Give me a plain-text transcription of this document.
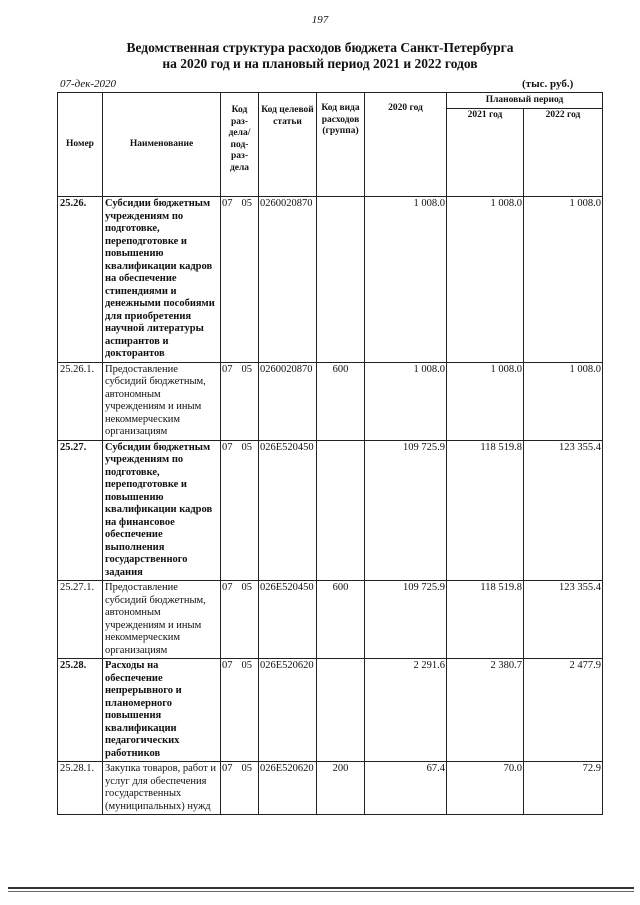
197
Ведомственная структура расходов бюджета Санкт-Петербурга
на 2020 год и на плановый период 2021 и 2022 годов
07-дек-2020	(тыс. руб.)
Номер	Наименование	Код раз-дела/ под-раз-дела	Код целевой статьи	Код вида расходов (группа)	2020 год	Плановый период	
						2021 год	2022 год
25.26.	Субсидии бюджетным учреждениям по подготовке, переподготовке и повышению квалификации кадров на обеспечение стипендиями и денежными пособиями для приобретения научной литературы аспирантов и докторантов	07 05	0260020870		1 008.0	1 008.0	1 008.0
25.26.1.	Предоставление субсидий бюджетным, автономным учреждениям и иным некоммерческим организациям	07 05	0260020870	600	1 008.0	1 008.0	1 008.0
25.27.	Субсидии бюджетным учреждениям по подготовке, переподготовке и повышению квалификации кадров на финансовое обеспечение выполнения государственного задания	07 05	026E520450		109 725.9	118 519.8	123 355.4
25.27.1.	Предоставление субсидий бюджетным, автономным учреждениям и иным некоммерческим организациям	07 05	026E520450	600	109 725.9	118 519.8	123 355.4
25.28.	Расходы на обеспечение непрерывного и планомерного повышения квалификации педагогических работников	07 05	026E520620		2 291.6	2 380.7	2 477.9
25.28.1.	Закупка товаров, работ и услуг для обеспечения государственных (муниципальных) нужд	07 05	026E520620	200	67.4	70.0	72.9
